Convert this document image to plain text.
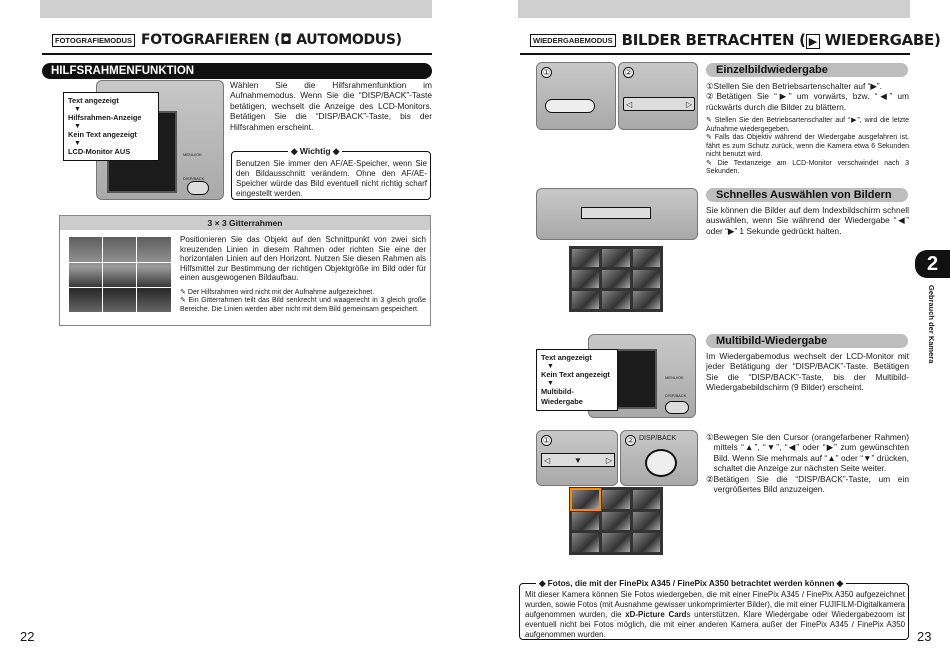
FOTOGRAFIEMODUS FOTOGRAFIEREN (◘ AUTOMODUS)
HILFSRAHMENFUNKTION
MENU/OK
DISP/BACK
Text angezeigt
▼
Hilfsrahmen-Anzeige
▼
Kein Text angezeigt
▼
LCD-Monitor AUS
Wählen Sie die Hilfsrahmenfunktion im Aufnahmemodus. Wenn Sie die “DISP/BACK”-Taste betätigen, wechselt die Anzeige des LCD-Monitors. Betätigen Sie die “DISP/BACK”-Taste, bis der Hilfsrahmen erscheint.
◆ Wichtig ◆
Benutzen Sie immer den AF/AE-Speicher, wenn Sie den Bildausschnitt verändern. Ohne den AF/AE-Speicher würde das Bild eventuell nicht richtig scharf eingestellt werden.
3 × 3 Gitterrahmen
Positionieren Sie das Objekt auf den Schnittpunkt von zwei sich kreuzenden Linien in diesem Rahmen oder richten Sie eine der horizontalen Linien auf den Horizont. Nutzen Sie diesen Rahmen als Hilfsmittel zur Bestimmung der richtigen Objektgröße im Bild oder für einen ausgewogenen Bildaufbau.
✎ Der Hilfsrahmen wird nicht mit der Aufnahme aufgezeichnet.
✎ Ein Gitterrahmen teilt das Bild senkrecht und waagerecht in 3 gleich große Bereiche. Die Linien werden aber nicht mit dem Bild gemeinsam gespeichert.
22
WIEDERGABEMODUS BILDER BETRACHTEN ( ▶ WIEDERGABE)
2
Gebrauch der Kamera
①	②
◁	▷
Einzelbildwiedergabe
①Stellen Sie den Betriebsartenschalter auf “▶”.
②Betätigen Sie “▶” um vorwärts, bzw. “◀” um rückwärts durch die Bilder zu blättern.
✎ Stellen Sie den Betriebsartenschalter auf “▶”, wird die letzte Aufnahme wiedergegeben.
✎ Falls das Objektiv während der Wiedergabe ausgefahren ist, fährt es zum Schutz zurück, wenn die Kamera etwa 6 Sekunden nicht benutzt wird.
✎ Die Textanzeige am LCD-Monitor verschwindet nach 3 Sekunden.
Schnelles Auswählen von Bildern
Sie können die Bilder auf dem Indexbildschirm schnell auswählen, wenn Sie während der Wiedergabe “◀” oder “▶” 1 Sekunde gedrückt halten.
MENU/OK
DISP/BACK
Text angezeigt
▼
Kein Text angezeigt
▼
Multibild-Wiedergabe
Multibild-Wiedergabe
Im Wiedergabemodus wechselt der LCD-Monitor mit jeder Betätigung der “DISP/BACK”-Taste. Betätigen Sie die “DISP/BACK”-Taste, bis der Multibild-Wiedergabebildschirm (9 Bilder) erscheint.
①
◁	▼	▷
② DISP/BACK	① Bewegen Sie den Cursor (orangefarbener Rahmen) mittels “▲”, “▼”, “◀” oder “▶” zum gewünschten Bild. Wenn Sie mehrmals auf “▲” oder “▼” drücken, schaltet die Anzeige zur nächsten Seite weiter.
② Betätigen Sie die “DISP/BACK”-Taste, um ein vergrößertes Bild anzuzeigen.
◆ Fotos, die mit der FinePix A345 / FinePix A350 betrachtet werden können ◆
Mit dieser Kamera können Sie Fotos wiedergeben, die mit einer FinePix A345 / FinePix A350 aufgezeichnet wurden, sowie Fotos (mit Ausnahme gewisser unkomprimierter Bilder), die mit einer FUJIFILM-Digitalkamera aufgenommen wurden, die xD-Picture Cards unterstützen. Klare Wiedergabe oder Wiedergabezoom ist eventuell nicht bei Fotos möglich, die mit einer anderen Kamera außer der FinePix A345 / FinePix A350 aufgenommen wurden.	23
